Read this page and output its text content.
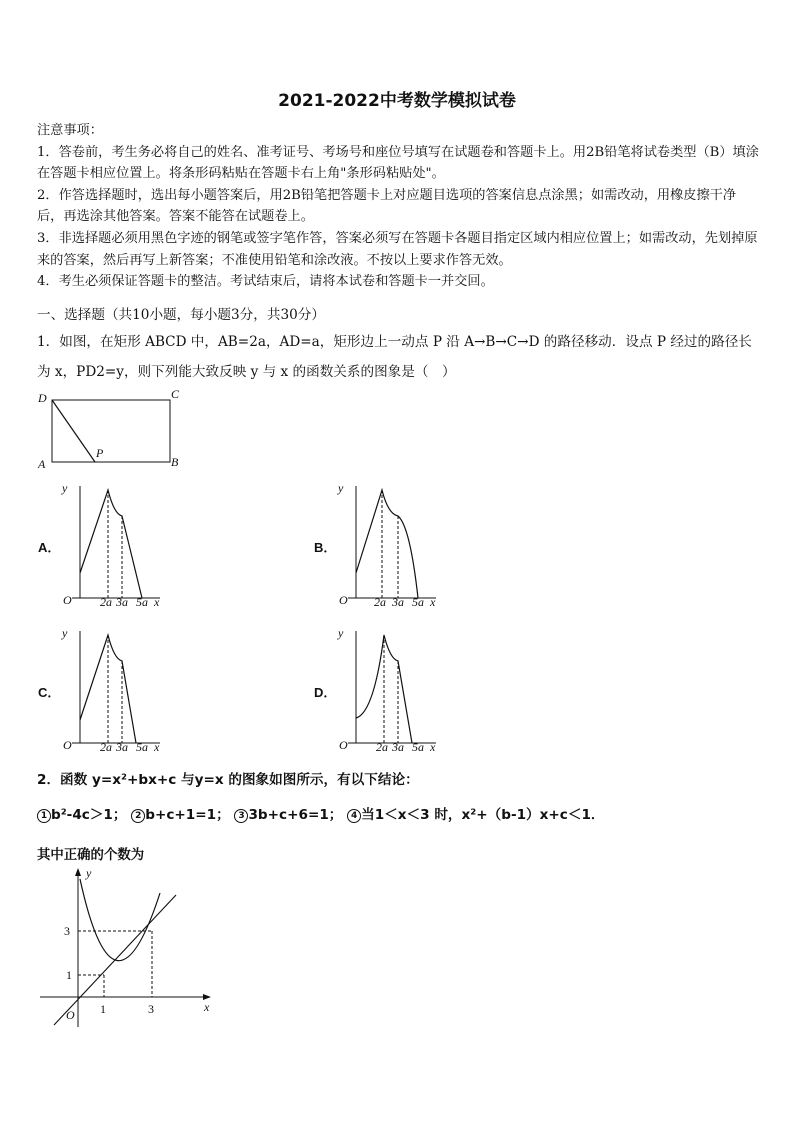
2021-2022中考数学模拟试卷

注意事项：

1．答卷前，考生务必将自己的姓名、准考证号、考场号和座位号填写在试题卷和答题卡上。用2B铅笔将试卷类型（B）填涂在答题卡相应位置上。将条形码粘贴在答题卡右上角"条形码粘贴处"。

2．作答选择题时，选出每小题答案后，用2B铅笔把答题卡上对应题目选项的答案信息点涂黑；如需改动，用橡皮擦干净后，再选涂其他答案。答案不能答在试题卷上。

3．非选择题必须用黑色字迹的钢笔或签字笔作答，答案必须写在答题卡各题目指定区域内相应位置上；如需改动，先划掉原来的答案，然后再写上新答案；不准使用铅笔和涂改液。不按以上要求作答无效。

4．考生必须保证答题卡的整洁。考试结束后，请将本试卷和答题卡一并交回。

一、选择题（共10小题，每小题3分，共30分）
1．如图，在矩形 ABCD 中，AB=2a，AD=a，矩形边上一动点 P 沿 A→B→C→D 的路径移动．设点 P 经过的路径长为 x，PD2=y，则下列能大致反映 y 与 x 的函数关系的图象是（　）
D	C
A	B
P
A．
y
O 2a 3a 5a x
B．
y
O 2a 3a 5a x
C．
y
O 2a 3a 5a x
D．
y
O 2a 3a 5a x
2．函数 y=x²+bx+c 与y=x 的图象如图所示，有以下结论：
1 b²-4c＞1； 2 b+c+1=1； 3 3b+c+6=1； 4 当1＜x＜3 时，x²+（b-1）x+c＜1．
其中正确的个数为
y
x
O
3
1
1	3
